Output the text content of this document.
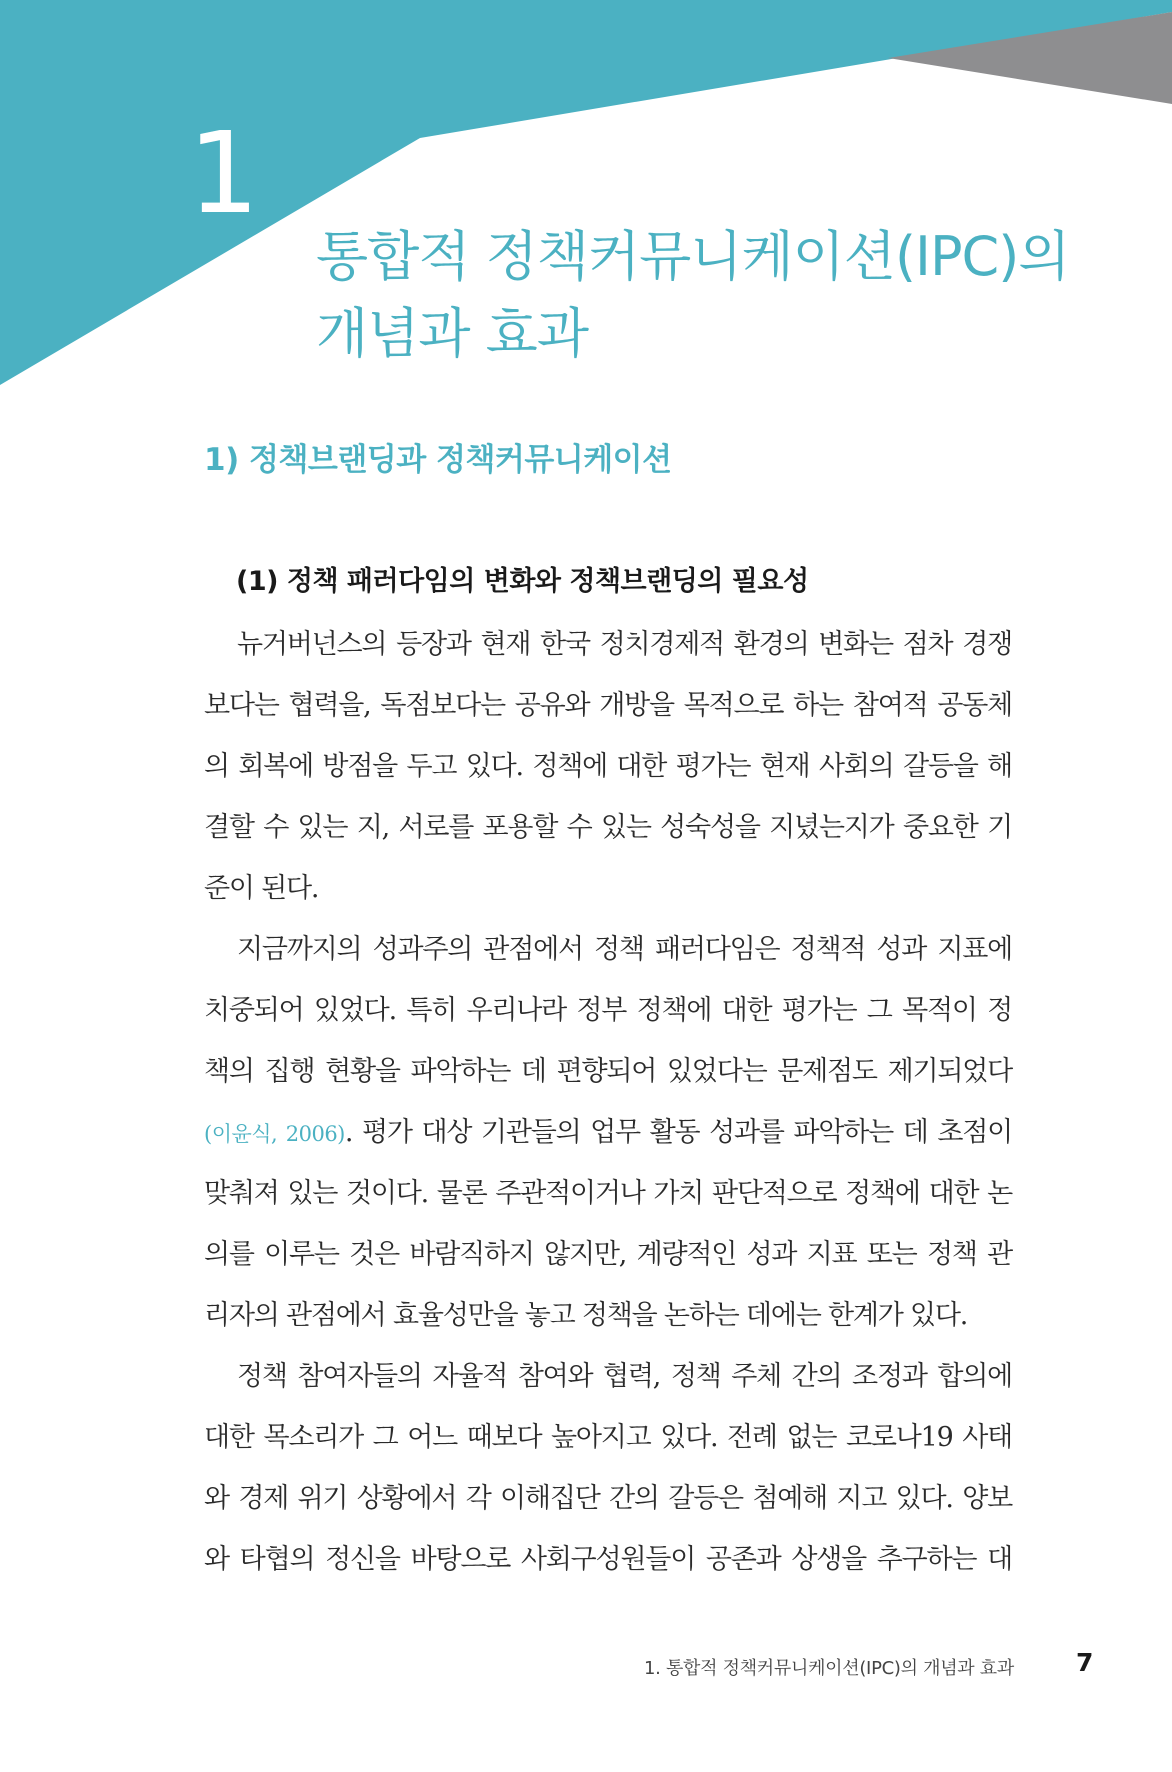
1
통합적 정책커뮤니케이션(IPC)의
개념과 효과
1) 정책브랜딩과 정책커뮤니케이션
(1) 정책 패러다임의 변화와 정책브랜딩의 필요성
뉴거버넌스의 등장과 현재 한국 정치경제적 환경의 변화는 점차 경쟁
보다는 협력을, 독점보다는 공유와 개방을 목적으로 하는 참여적 공동체
의 회복에 방점을 두고 있다. 정책에 대한 평가는 현재 사회의 갈등을 해
결할 수 있는 지, 서로를 포용할 수 있는 성숙성을 지녔는지가 중요한 기
준이 된다.
지금까지의 성과주의 관점에서 정책 패러다임은 정책적 성과 지표에
치중되어 있었다. 특히 우리나라 정부 정책에 대한 평가는 그 목적이 정
책의 집행 현황을 파악하는 데 편향되어 있었다는 문제점도 제기되었다
(이윤식, 2006). 평가 대상 기관들의 업무 활동 성과를 파악하는 데 초점이
맞춰져 있는 것이다. 물론 주관적이거나 가치 판단적으로 정책에 대한 논
의를 이루는 것은 바람직하지 않지만, 계량적인 성과 지표 또는 정책 관
리자의 관점에서 효율성만을 놓고 정책을 논하는 데에는 한계가 있다.
정책 참여자들의 자율적 참여와 협력, 정책 주체 간의 조정과 합의에
대한 목소리가 그 어느 때보다 높아지고 있다. 전례 없는 코로나19 사태
와 경제 위기 상황에서 각 이해집단 간의 갈등은 첨예해 지고 있다. 양보
와 타협의 정신을 바탕으로 사회구성원들이 공존과 상생을 추구하는 대
1. 통합적 정책커뮤니케이션(IPC)의 개념과 효과 7
